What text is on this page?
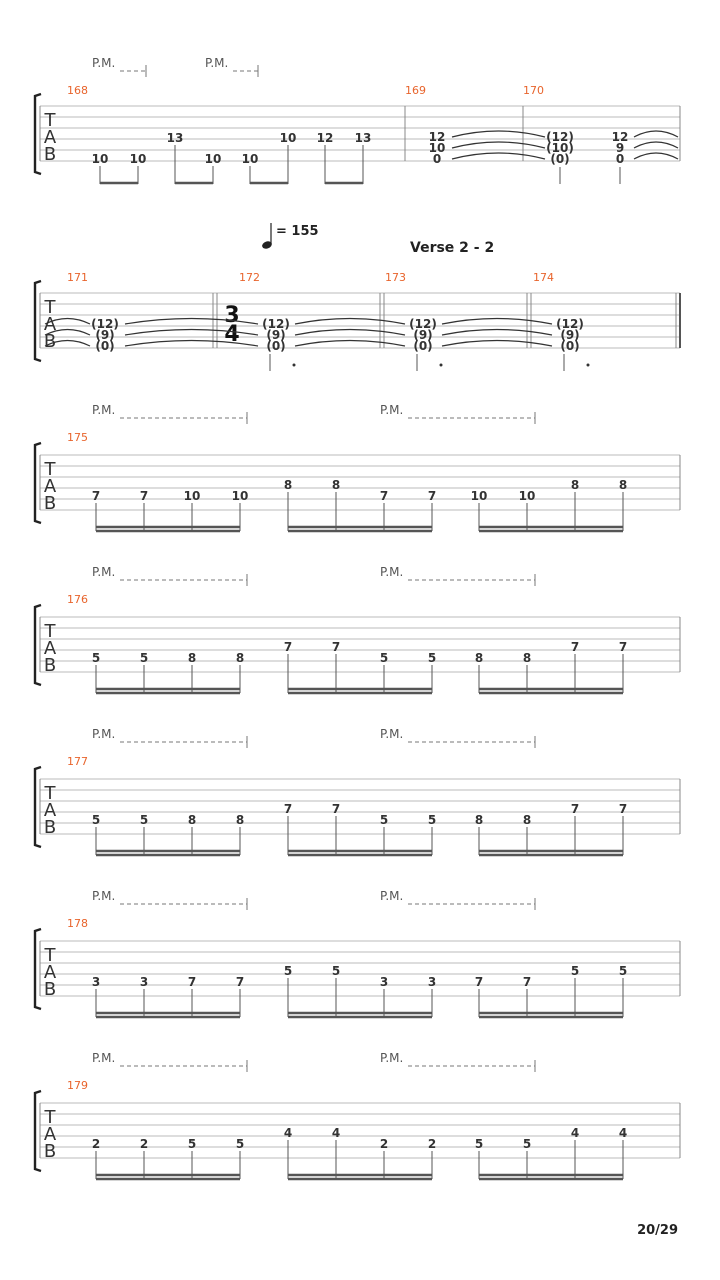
T
A
B
168	169	170
P.M.	P.M.
10 10
13
10 10
10 12 13	12
10
0
(12)
(10)
(0)
12
9
0
T
A
B
171	172	173	174
= 155
Verse 2 - 2
3
4
(12)
(9)
(0)
(12)
(9)
(0)
(12)
(9)
(0)
(12)
(9)
(0)
T
A
B
175
P.M.	P.M.
7	7	10	10
8	8
7	7	10	10
8	8
T
A
B
176
P.M.	P.M.
5	5	8	8
7	7
5	5	8	8
7	7
T
A
B
177
P.M.	P.M.
5	5	8	8
7	7
5	5	8	8
7	7
T
A
B
178
P.M.	P.M.
3	3	7	7
5	5
3	3	7	7
5	5
T
A
B
179
P.M.	P.M.
2	2	5	5
4	4
2	2	5	5
4	4
20/29
